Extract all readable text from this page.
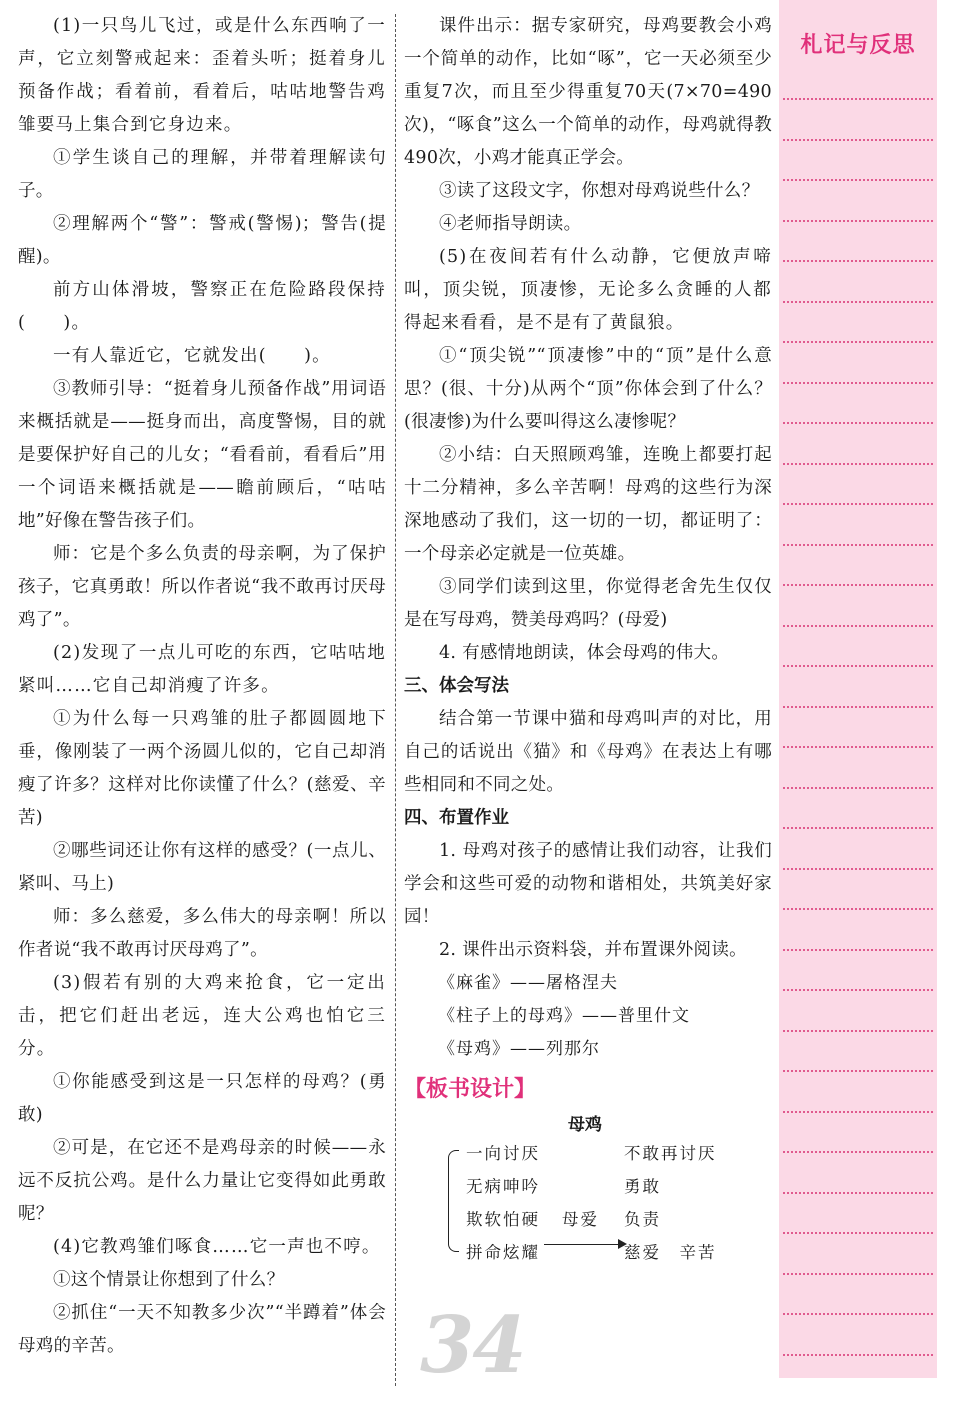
(1)一只鸟儿飞过，或是什么东西响了一声，它立刻警戒起来：歪着头听；挺着身儿预备作战；看着前，看着后，咕咕地警告鸡雏要马上集合到它身边来。

①学生谈自己的理解，并带着理解读句子。

②理解两个“警”：警戒(警惕)；警告(提醒)。

前方山体滑坡，警察正在危险路段保持(　　)。

一有人靠近它，它就发出(　　)。

③教师引导：“挺着身儿预备作战”用词语来概括就是——挺身而出，高度警惕，目的就是要保护好自己的儿女；“看看前，看看后”用一个词语来概括就是——瞻前顾后，“咕咕地”好像在警告孩子们。

师：它是个多么负责的母亲啊，为了保护孩子，它真勇敢！所以作者说“我不敢再讨厌母鸡了”。

(2)发现了一点儿可吃的东西，它咕咕地紧叫……它自己却消瘦了许多。

①为什么每一只鸡雏的肚子都圆圆地下垂，像刚装了一两个汤圆儿似的，它自己却消瘦了许多？这样对比你读懂了什么？(慈爱、辛苦)

②哪些词还让你有这样的感受？(一点儿、紧叫、马上)

师：多么慈爱，多么伟大的母亲啊！所以作者说“我不敢再讨厌母鸡了”。

(3)假若有别的大鸡来抢食，它一定出击，把它们赶出老远，连大公鸡也怕它三分。

①你能感受到这是一只怎样的母鸡？(勇敢)

②可是，在它还不是鸡母亲的时候——永远不反抗公鸡。是什么力量让它变得如此勇敢呢？

(4)它教鸡雏们啄食……它一声也不哼。

①这个情景让你想到了什么？

②抓住“一天不知教多少次”“半蹲着”体会母鸡的辛苦。

课件出示：据专家研究，母鸡要教会小鸡一个简单的动作，比如“啄”，它一天必须至少重复7次，而且至少得重复70天(7×70=490次)，“啄食”这么一个简单的动作，母鸡就得教490次，小鸡才能真正学会。

③读了这段文字，你想对母鸡说些什么？

④老师指导朗读。

(5)在夜间若有什么动静，它便放声啼叫，顶尖锐，顶凄惨，无论多么贪睡的人都得起来看看，是不是有了黄鼠狼。

①“顶尖锐”“顶凄惨”中的“顶”是什么意思？(很、十分)从两个“顶”你体会到了什么？(很凄惨)为什么要叫得这么凄惨呢？

②小结：白天照顾鸡雏，连晚上都要打起十二分精神，多么辛苦啊！母鸡的这些行为深深地感动了我们，这一切的一切，都证明了：一个母亲必定就是一位英雄。

③同学们读到这里，你觉得老舍先生仅仅是在写母鸡，赞美母鸡吗？(母爱)

4. 有感情地朗读，体会母鸡的伟大。

三、体会写法

结合第一节课中猫和母鸡叫声的对比，用自己的话说出《猫》和《母鸡》在表达上有哪些相同和不同之处。

四、布置作业

1. 母鸡对孩子的感情让我们动容，让我们学会和这些可爱的动物和谐相处，共筑美好家园！

2. 课件出示资料袋，并布置课外阅读。

《麻雀》——屠格涅夫

《柱子上的母鸡》——普里什文

《母鸡》——列那尔

【板书设计】

母鸡
一向讨厌
无病呻吟
欺软怕硬
拼命炫耀
母爱
不敢再讨厌
勇敢
负责
慈爱　辛苦
札记与反思
34
